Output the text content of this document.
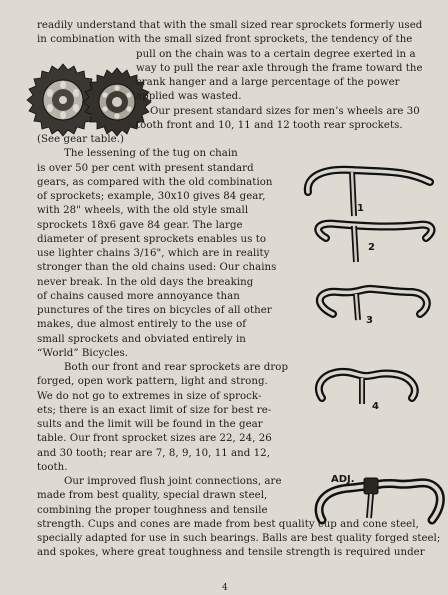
1
2
3
4
ADJ.
readily understand that with the small sized rear sprockets formerly used
in combination with the small sized front sprockets, the tendency of the
pull on the chain was to a certain degree exerted in a
way to pull the rear axle through the frame toward the
crank hanger and a large percentage of the power
applied was wasted.
Our present standard sizes for men’s wheels are 30
tooth front and 10, 11 and 12 tooth rear sprockets.
(See gear table.)
The lessening of the tug on chain
is over 50 per cent with present standard
gears, as compared with the old combination
of sprockets; example, 30x10 gives 84 gear,
with 28" wheels, with the old style small
sprockets 18x6 gave 84 gear. The large
diameter of present sprockets enables us to
use lighter chains 3/16", which are in reality
stronger than the old chains used: Our chains
never break. In the old days the breaking
of chains caused more annoyance than
punctures of the tires on bicycles of all other
makes, due almost entirely to the use of
small sprockets and obviated entirely in
“World” Bicycles.
Both our front and rear sprockets are drop
forged, open work pattern, light and strong.
We do not go to extremes in size of sprock-
ets; there is an exact limit of size for best re-
sults and the limit will be found in the gear
table. Our front sprocket sizes are 22, 24, 26
and 30 tooth; rear are 7, 8, 9, 10, 11 and 12,
tooth.
Our improved flush joint connections, are
made from best quality, special drawn steel,
combining the proper toughness and tensile
strength. Cups and cones are made from best quality cup and cone steel,
specially adapted for use in such bearings. Balls are best quality forged steel;
and spokes, where great toughness and tensile strength is required under
4
